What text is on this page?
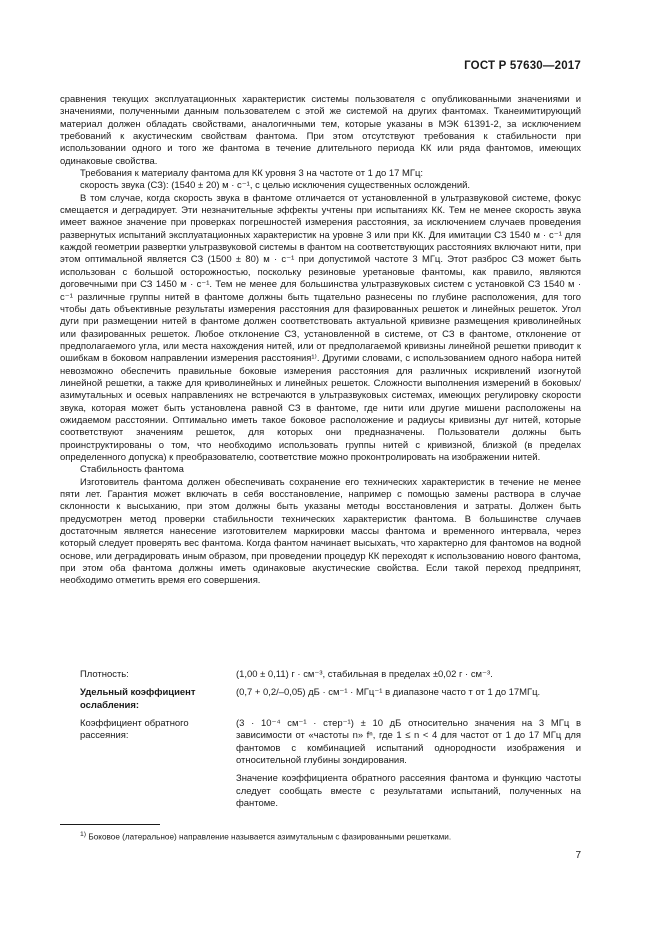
ГОСТ Р 57630—2017

сравнения текущих эксплуатационных характеристик системы пользователя с опубликованными значениями и значениями, полученными данным пользователем с этой же системой на других фантомах. Тканеимитирующий материал должен обладать свойствами, аналогичными тем, которые указаны в МЭК 61391-2, за исключением требований к акустическим свойствам фантома. При этом отсутствуют требования к стабильности при использовании одного и того же фантома в течение длительного периода КК или ряда фантомов, имеющих одинаковые свойства.

Требования к материалу фантома для КК уровня 3 на частоте от 1 до 17 МГц:

скорость звука (СЗ): (1540 ± 20) м · с⁻¹, с целью исключения существенных ослождений.

В том случае, когда скорость звука в фантоме отличается от установленной в ультразвуковой системе, фокус смещается и деградирует. Эти незначительные эффекты учтены при испытаниях КК. Тем не менее скорость звука имеет важное значение при проверках погрешностей измерения расстояния, за исключением случаев проведения развернутых испытаний эксплуатационных характеристик на уровне 3 или при КК. Для имитации СЗ 1540 м · с⁻¹ для каждой геометрии развертки ультразвуковой системы в фантом на соответствующих расстояниях включают нити, при этом оптимальной является СЗ (1500 ± 80) м · с⁻¹ при допустимой частоте 3 МГц. Этот разброс СЗ может быть использован с большой осторожностью, поскольку резиновые уретановые фантомы, как правило, являются договечными при СЗ 1450 м · с⁻¹. Тем не менее для большинства ультразвуковых систем с установкой СЗ 1540 м · с⁻¹ различные группы нитей в фантоме должны быть тщательно разнесены по глубине расположения, для того чтобы дать объективные результаты измерения расстояния для фазированных решеток и линейных решеток. Угол дуги при размещении нитей в фантоме должен соответствовать актуальной кривизне размещения криволинейных или фазированных решеток. Любое отклонение СЗ, установленной в системе, от СЗ в фантоме, отклонение от предполагаемого угла, или места нахождения нитей, или от предполагаемой кривизны линейной решетки приводит к ошибкам в боковом направлении измерения расстояния¹⁾. Другими словами, с использованием одного набора нитей невозможно обеспечить правильные боковые измерения расстояния для различных искривлений изогнутой линейной решетки, а также для криволинейных и линейных решеток. Сложности выполнения измерений в боковых/азимутальных и осевых направлениях не встречаются в ультразвуковых системах, имеющих регулировку скорости звука, которая может быть установлена равной СЗ в фантоме, где нити или другие мишени расположены на ожидаемом расстоянии. Оптимально иметь такое боковое расположение и радиусы кривизны дуг нитей, которые соответствуют значениям решеток, для которых они предназначены. Пользователи должны быть проинструктированы о том, что необходимо использовать группы нитей с кривизной, близкой (в пределах определенного допуска) к преобразователю, соответствие можно проконтролировать на изображении нитей.

Стабильность фантома

Изготовитель фантома должен обеспечивать сохранение его технических характеристик в течение не менее пяти лет. Гарантия может включать в себя восстановление, например с помощью замены раствора в случае склонности к высыханию, при этом должны быть указаны методы восстановления и затраты. Должен быть предусмотрен метод проверки стабильности технических характеристик фантома. В большинстве случаев достаточным является нанесение изготовителем маркировки массы фантома и временного интервала, через который следует проверять вес фантома. Когда фантом начинает высыхать, что характерно для фантомов на водной основе, или деградировать иным образом, при проведении процедур КК переходят к использованию нового фантома, при этом оба фантома должны иметь одинаковые акустические свойства. Если такой переход предпринят, необходимо отметить время его совершения.

Плотность:	(1,00 ± 0,11) г · см⁻³, стабильная в пределах ±0,02 г · см⁻³.
Удельный коэффициент ослабления:
(0,7 + 0,2/–0,05) дБ · см⁻¹ · МГц⁻¹ в диапазоне часто т от 1 до 17МГц.
Коэффициент обратного рассеяния:
(3 · 10⁻⁴ см⁻¹ · стер⁻¹) ± 10 дБ относительно значения на 3 МГц в зависимости от «частоты n» fⁿ, где 1 ≤ n < 4 для частот от 1 до 17 МГц для фантомов с комбинацией испытаний однородности изображения и относительной глубины зондирования.
Значение коэффициента обратного рассеяния фантома и функцию частоты следует сообщать вместе с результатами испытаний, полученных на фантоме.
$^{1)}$ Боковое (латеральное) направление называется азимутальным с фазированными решетками.
7
